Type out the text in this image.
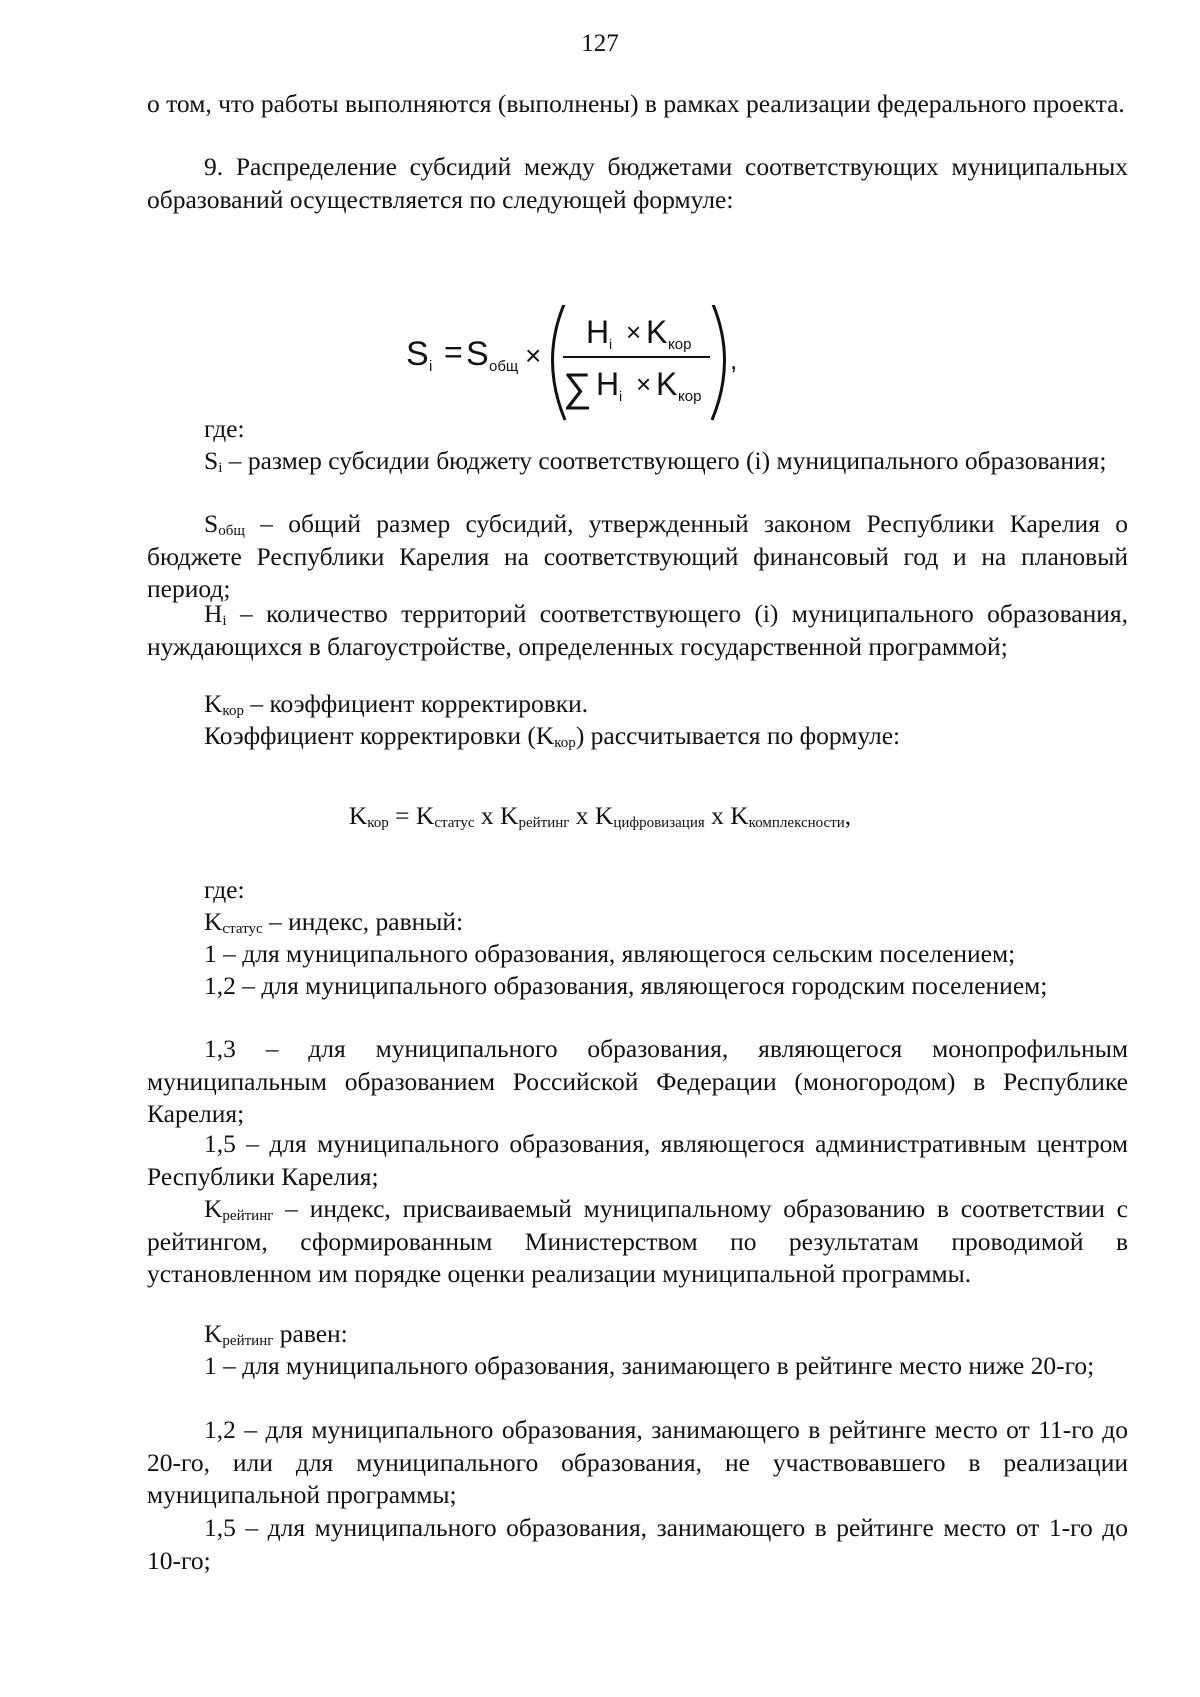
127

о том, что работы выполняются (выполнены) в рамках реализации федерального проекта.

9. Распределение субсидий между бюджетами соответствующих муниципальных образований осуществляется по следующей формуле:

S i = S общ ×
H i × K кор
∑ H i × K кор
,

где:

$S_i$ – размер субсидии бюджету соответствующего (i) муниципального образования;

$S_{общ}$ – общий размер субсидий, утвержденный законом Республики Карелия о бюджете Республики Карелия на соответствующий финансовый год и на плановый период;

$H_i$ – количество территорий соответствующего (i) муниципального образования, нуждающихся в благоустройстве, определенных государственной программой;

$K_{кор}$ – коэффициент корректировки.

Коэффициент корректировки $(K_{кор})$ рассчитывается по формуле:

$K_{кор} = K_{статус}$ x $K_{рейтинг}$ x $K_{цифровизация}$ x $K_{комплексности}$,

где:

$K_{статус}$ – индекс, равный:

1 – для муниципального образования, являющегося сельским поселением;

1,2 – для муниципального образования, являющегося городским поселением;

1,3 – для муниципального образования, являющегося монопрофильным муниципальным образованием Российской Федерации (моногородом) в Республике Карелия;

1,5 – для муниципального образования, являющегося административным центром Республики Карелия;

$K_{рейтинг}$ – индекс, присваиваемый муниципальному образованию в соответствии с рейтингом, сформированным Министерством по результатам проводимой в установленном им порядке оценки реализации муниципальной программы.

$K_{рейтинг}$ равен:

1 – для муниципального образования, занимающего в рейтинге место ниже 20-го;

1,2 – для муниципального образования, занимающего в рейтинге место от 11-го до 20-го, или для муниципального образования, не участвовавшего в реализации муниципальной программы;

1,5 – для муниципального образования, занимающего в рейтинге место от 1-го до 10-го;
